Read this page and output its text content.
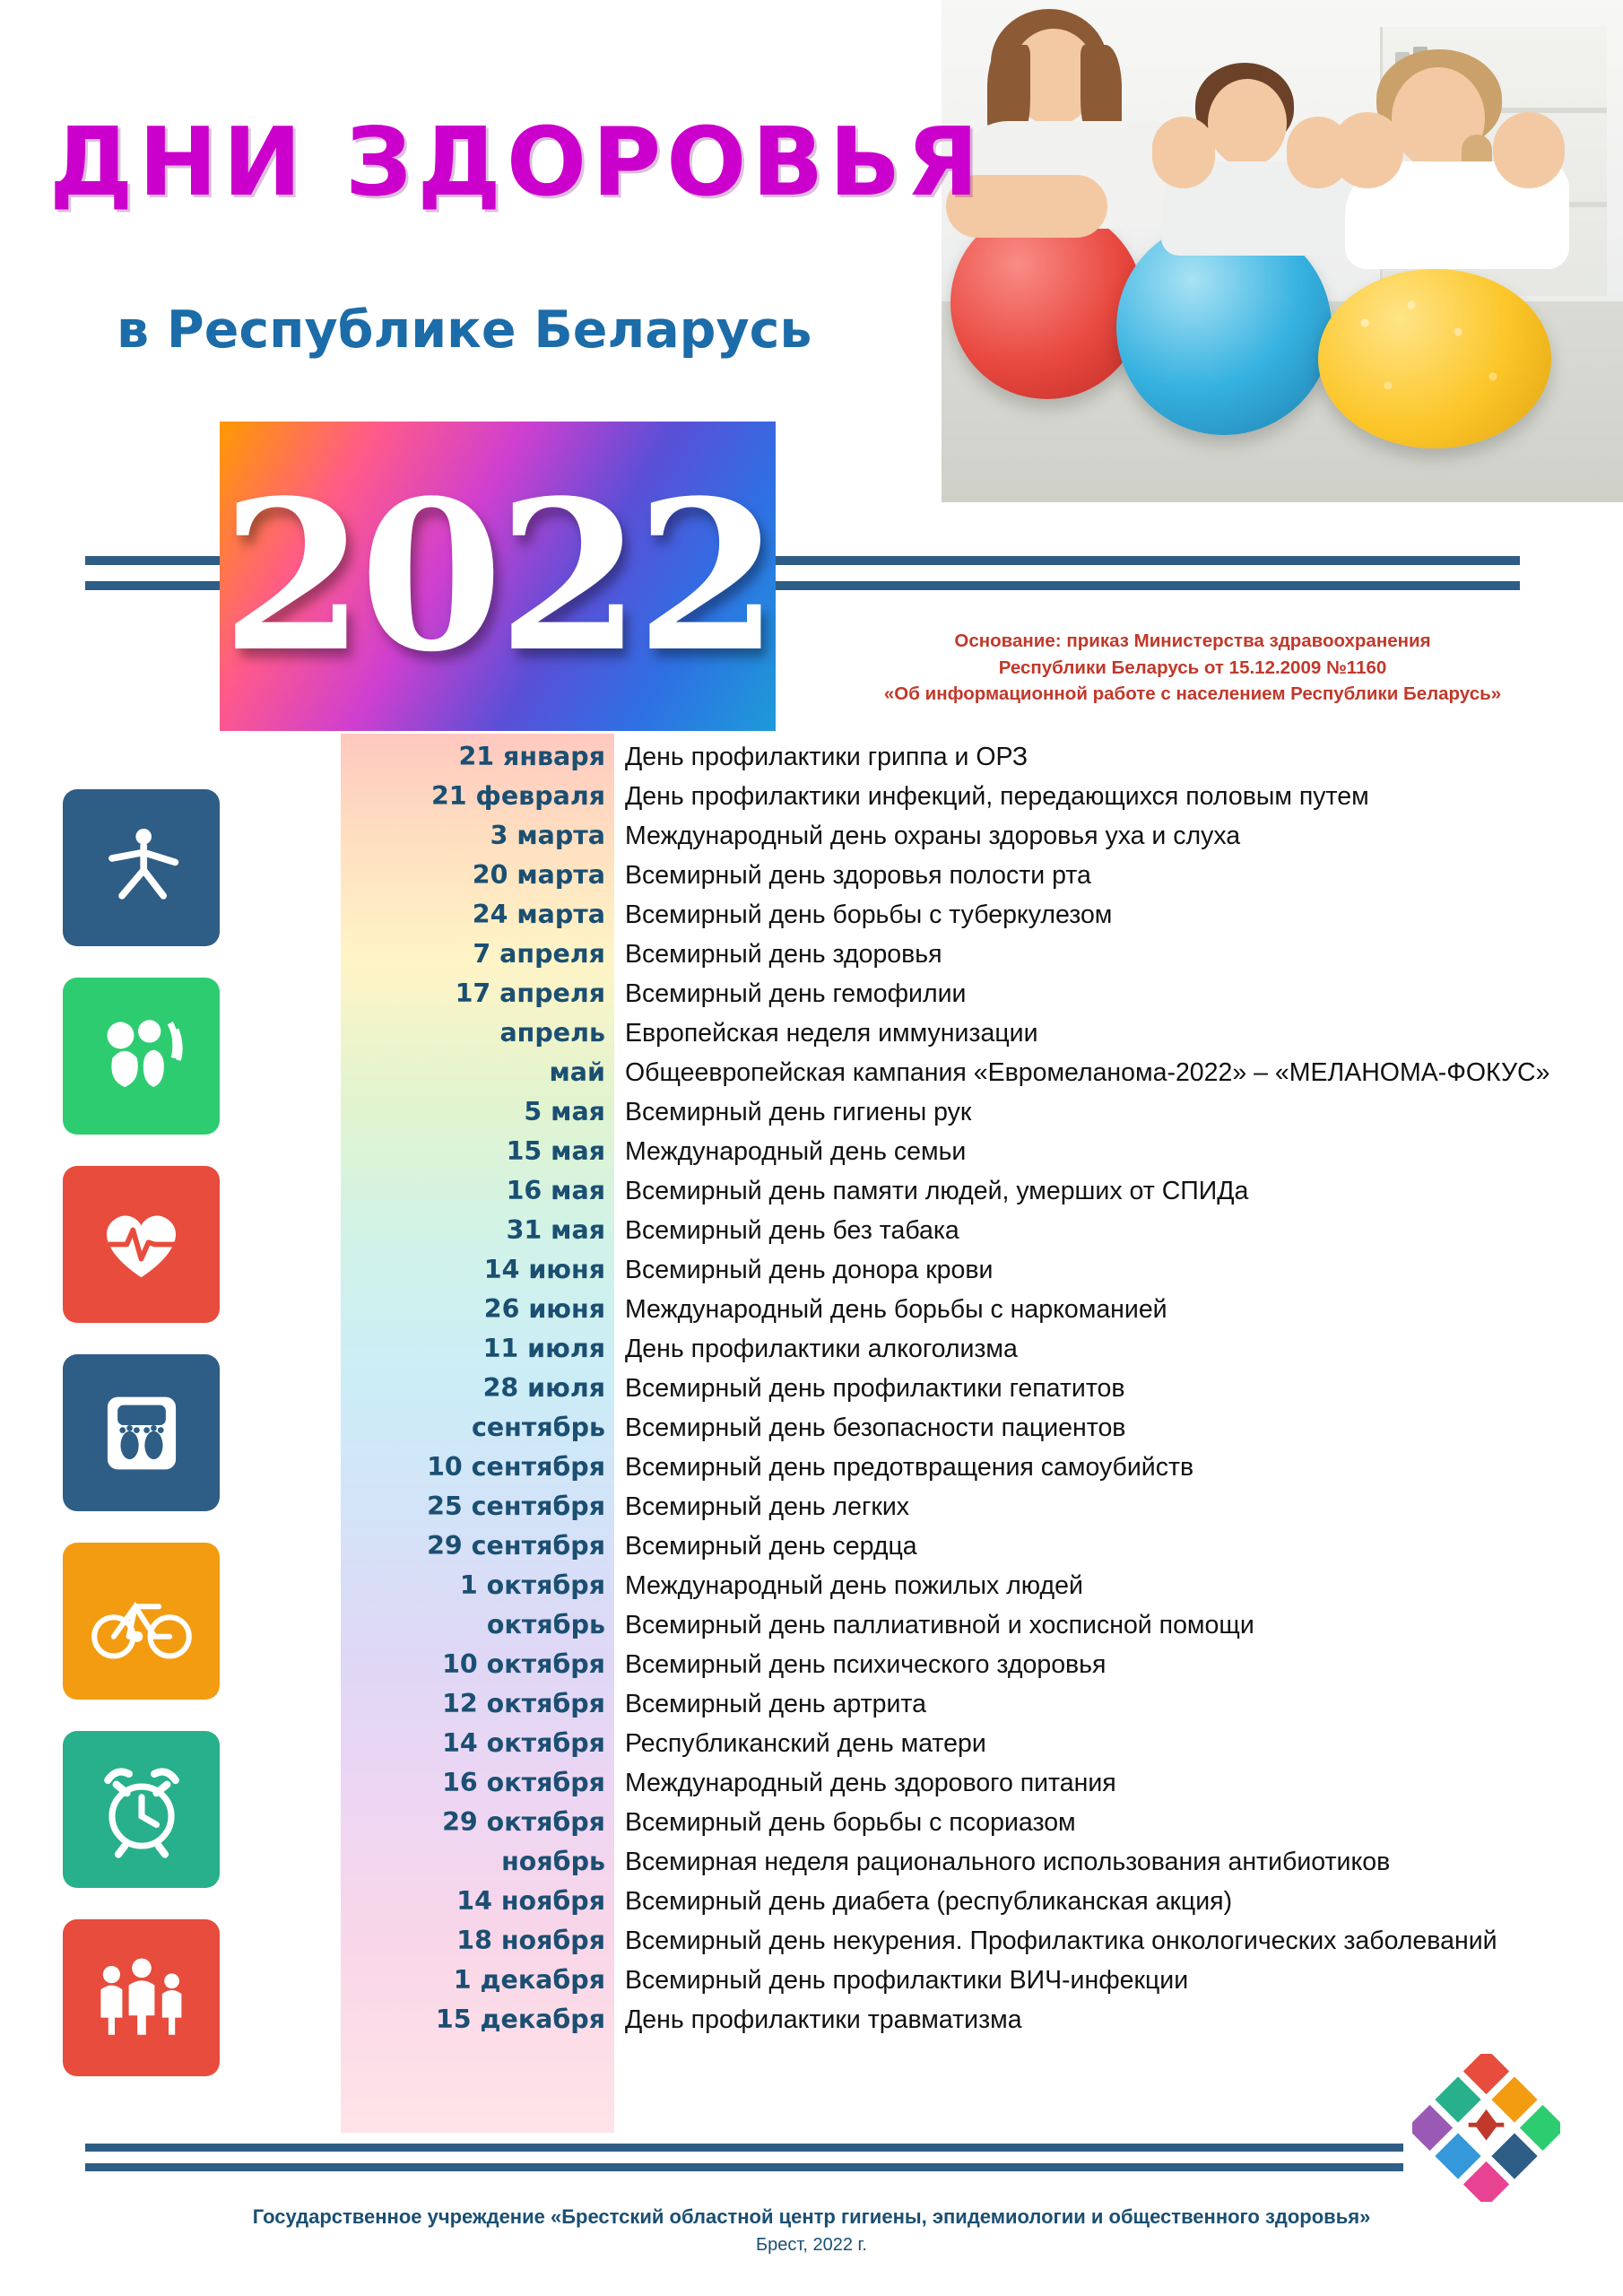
ДНИ ЗДОРОВЬЯ
в Республике Беларусь
2022	Основание: приказ Министерства здравоохранения
Республики Беларусь от 15.12.2009 №1160
«Об информационной работе с населением Республики Беларусь»
21 января День профилактики гриппа и ОРЗ
21 февраля День профилактики инфекций, передающихся половым путем
3 марта Международный день охраны здоровья уха и слуха
20 марта Всемирный день здоровья полости рта
24 марта Всемирный день борьбы с туберкулезом
7 апреля Всемирный день здоровья
17 апреля Всемирный день гемофилии
апрель Европейская неделя иммунизации
май Общеевропейская кампания «Евромеланома-2022» – «МЕЛАНОМА-ФОКУС»
5 мая Всемирный день гигиены рук
15 мая Международный день семьи
16 мая Всемирный день памяти людей, умерших от СПИДа
31 мая Всемирный день без табака
14 июня Всемирный день донора крови
26 июня Международный день борьбы с наркоманией
11 июля День профилактики алкоголизма
28 июля Всемирный день профилактики гепатитов
сентябрь Всемирный день безопасности пациентов
10 сентября Всемирный день предотвращения самоубийств
25 сентября Всемирный день легких
29 сентября Всемирный день сердца
1 октября Международный день пожилых людей
октябрь Всемирный день паллиативной и хосписной помощи
10 октября Всемирный день психического здоровья
12 октября Всемирный день артрита
14 октября Республиканский день матери
16 октября Международный день здорового питания
29 октября Всемирный день борьбы с псориазом
ноябрь Всемирная неделя рационального использования антибиотиков
14 ноября Всемирный день диабета (республиканская акция)
18 ноября Всемирный день некурения. Профилактика онкологических заболеваний
1 декабря Всемирный день профилактики ВИЧ-инфекции
15 декабря День профилактики травматизма
Государственное учреждение «Брестский областной центр гигиены, эпидемиологии и общественного здоровья»
Брест, 2022 г.
